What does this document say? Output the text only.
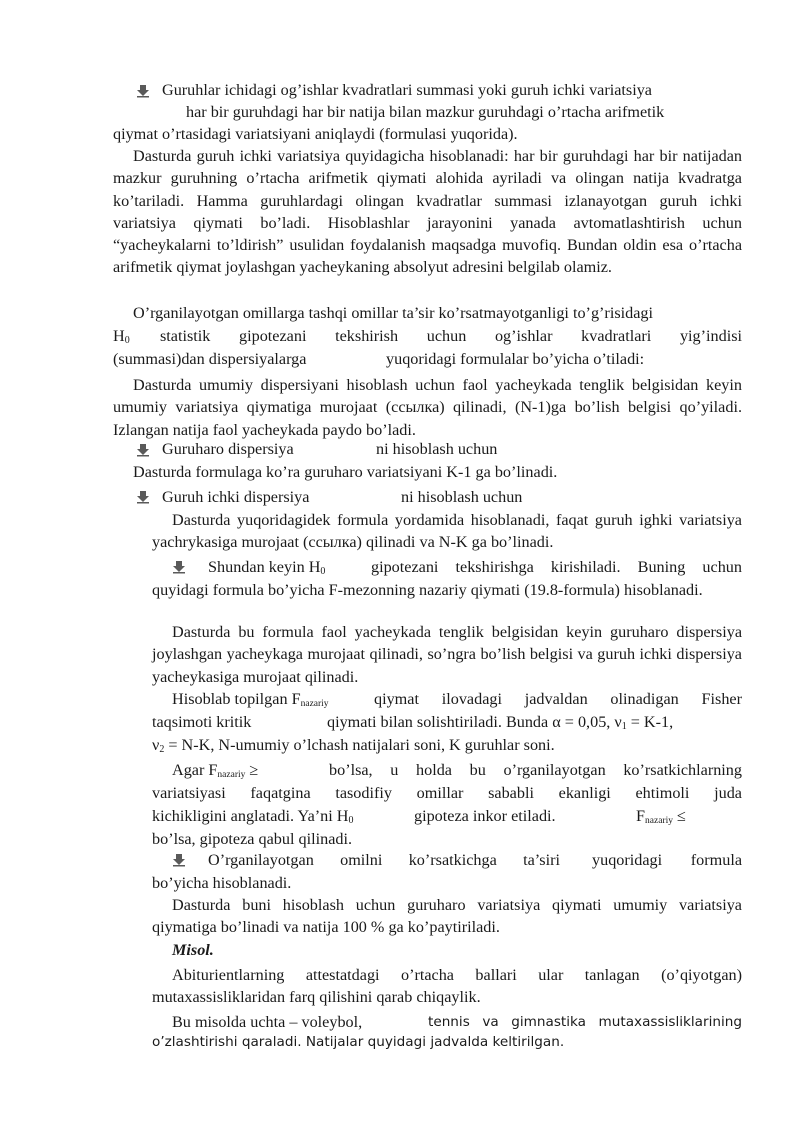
Guruhlar ichidagi og’ishlar kvadratlari summasi yoki guruh ichki variatsiya
har bir guruhdagi har bir natija bilan mazkur guruhdagi o’rtacha arifmetik
qiymat o’rtasidagi variatsiyani aniqlaydi (formulasi yuqorida).

Dasturda guruh ichki variatsiya quyidagicha hisoblanadi: har bir guruhdagi har bir natijadan mazkur guruhning o’rtacha arifmetik qiymati alohida ayriladi va olingan natija kvadratga ko’tariladi. Hamma guruhlardagi olingan kvadratlar summasi izlanayotgan guruh ichki variatsiya qiymati bo’ladi. Hisoblashlar jarayonini yanada avtomatlashtirish uchun “yacheykalarni to’ldirish” usulidan foydalanish maqsadga muvofiq. Bundan oldin esa o’rtacha arifmetik qiymat joylashgan yacheykaning absolyut adresini belgilab olamiz.

O’rganilayotgan omillarga tashqi omillar ta’sir ko’rsatmayotganligi to’g’risidagi
$H_0$ statistik gipotezani tekshirish uchun og’ishlar kvadratlari yig’indisi

(summasi)dan dispersiyalarga	yuqoridagi formulalar bo’yicha o’tiladi:

Dasturda umumiy dispersiyani hisoblash uchun faol yacheykada tenglik belgisidan keyin umumiy variatsiya qiymatiga murojaat (ссылка) qilinadi, (N-1)ga bo’lish belgisi qo’yiladi. Izlangan natija faol yacheykada paydo bo’ladi.

Guruharo dispersiya	ni hisoblash uchun
Dasturda formulaga ko’ra guruharo variatsiyani K-1 ga bo’linadi.
Guruh ichki dispersiya	ni hisoblash uchun

Dasturda yuqoridagidek formula yordamida hisoblanadi, faqat guruh ighki variatsiya yachrykasiga murojaat (ссылка) qilinadi va N-K ga bo’linadi.

Shundan keyin $H_0$	gipotezani tekshirishga kirishiladi. Buning uchun

quyidagi formula bo’yicha F-mezonning nazariy qiymati (19.8-formula) hisoblanadi.

Dasturda bu formula faol yacheykada tenglik belgisidan keyin guruharo dispersiya joylashgan yacheykaga murojaat qilinadi, so’ngra bo’lish belgisi va guruh ichki dispersiya yacheykasiga murojaat qilinadi.

Hisoblab topilgan Fnazariy	qiymat ilovadagi jadvaldan olinadigan Fisher

taqsimoti kritik	qiymati bilan solishtiriladi. Bunda α = 0,05, $\nu_1 = K-1$,
$\nu_2 = N-K$, N-umumiy o’lchash natijalari soni, K guruhlar soni.
Agar Fnazariy ≥	bo’lsa, u holda bu o’rganilayotgan ko’rsatkichlarning

variatsiyasi faqatgina tasodifiy omillar sababli ekanligi ehtimoli juda

kichikligini anglatadi. Ya’ni $H_0$	gipoteza inkor etiladi.	Fnazariy ≤
bo’lsa, gipoteza qabul qilinadi.

O’rganilayotgan omilni ko’rsatkichga ta’siri yuqoridagi formula

bo’yicha hisoblanadi.

Dasturda buni hisoblash uchun guruharo variatsiya qiymati umumiy variatsiya qiymatiga bo’linadi va natija 100 % ga ko’paytiriladi.

Misol.

Abiturientlarning attestatdagi o’rtacha ballari ular tanlagan (o’qiyotgan) mutaxassisliklaridan farq qilishini qarab chiqaylik.

Bu misolda uchta – voleybol,	tennis va gimnastika mutaxassisliklarining

o’zlashtirishi qaraladi. Natijalar quyidagi jadvalda keltirilgan.
